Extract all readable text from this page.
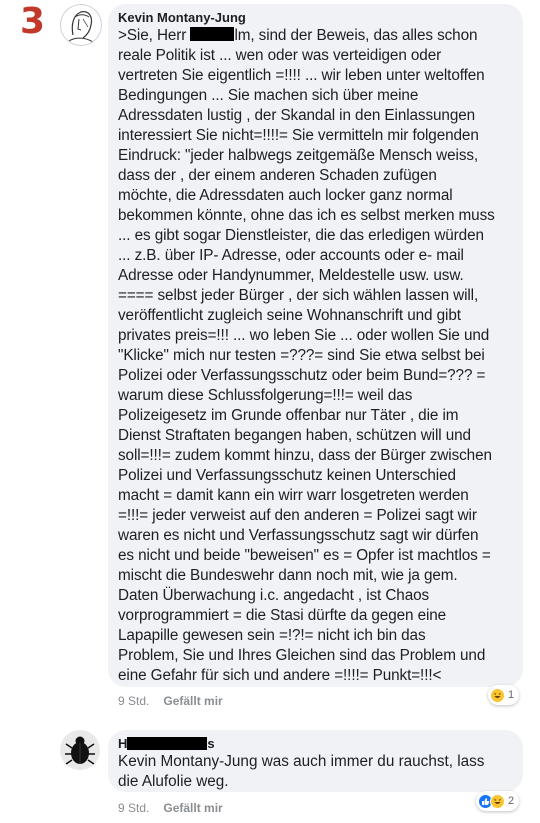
3	Kevin Montany-Jung

>Sie, Herr	lm, sind der Beweis, das alles schon
reale Politik ist ... wen oder was verteidigen oder
vertreten Sie eigentlich =!!!! ... wir leben unter weltoffen
Bedingungen ... Sie machen sich über meine
Adressdaten lustig , der Skandal in den Einlassungen
interessiert Sie nicht=!!!!= Sie vermitteln mir folgenden
Eindruck: "jeder halbwegs zeitgemäße Mensch weiss,
dass der , der einem anderen Schaden zufügen
möchte, die Adressdaten auch locker ganz normal
bekommen könnte, ohne das ich es selbst merken muss
... es gibt sogar Dienstleister, die das erledigen würden
... z.B. über IP- Adresse, oder accounts oder e- mail
Adresse oder Handynummer, Meldestelle usw. usw.
==== selbst jeder Bürger , der sich wählen lassen will,
veröffentlicht zugleich seine Wohnanschrift und gibt
privates preis=!!! ... wo leben Sie ... oder wollen Sie und
"Klicke" mich nur testen =???= sind Sie etwa selbst bei
Polizei oder Verfassungsschutz oder beim Bund=??? =
warum diese Schlussfolgerung=!!!= weil das
Polizeigesetz im Grunde offenbar nur Täter , die im
Dienst Straftaten begangen haben, schützen will und
soll=!!!= zudem kommt hinzu, dass der Bürger zwischen
Polizei und Verfassungsschutz keinen Unterschied
macht = damit kann ein wirr warr losgetreten werden
=!!!= jeder verweist auf den anderen = Polizei sagt wir
waren es nicht und Verfassungsschutz sagt wir dürfen
es nicht und beide "beweisen" es = Opfer ist machtlos =
mischt die Bundeswehr dann noch mit, wie ja gem.
Daten Überwachung i.c. angedacht , ist Chaos
vorprogrammiert = die Stasi dürfte da gegen eine
Lapapille gewesen sein =!?!= nicht ich bin das
Problem, Sie und Ihres Gleichen sind das Problem und
eine Gefahr für sich und andere =!!!!= Punkt=!!!<

9 Std. Gefällt mir	1
H	s

Kevin Montany-Jung was auch immer du rauchst, lass
die Alufolie weg.

9 Std. Gefällt mir	2
